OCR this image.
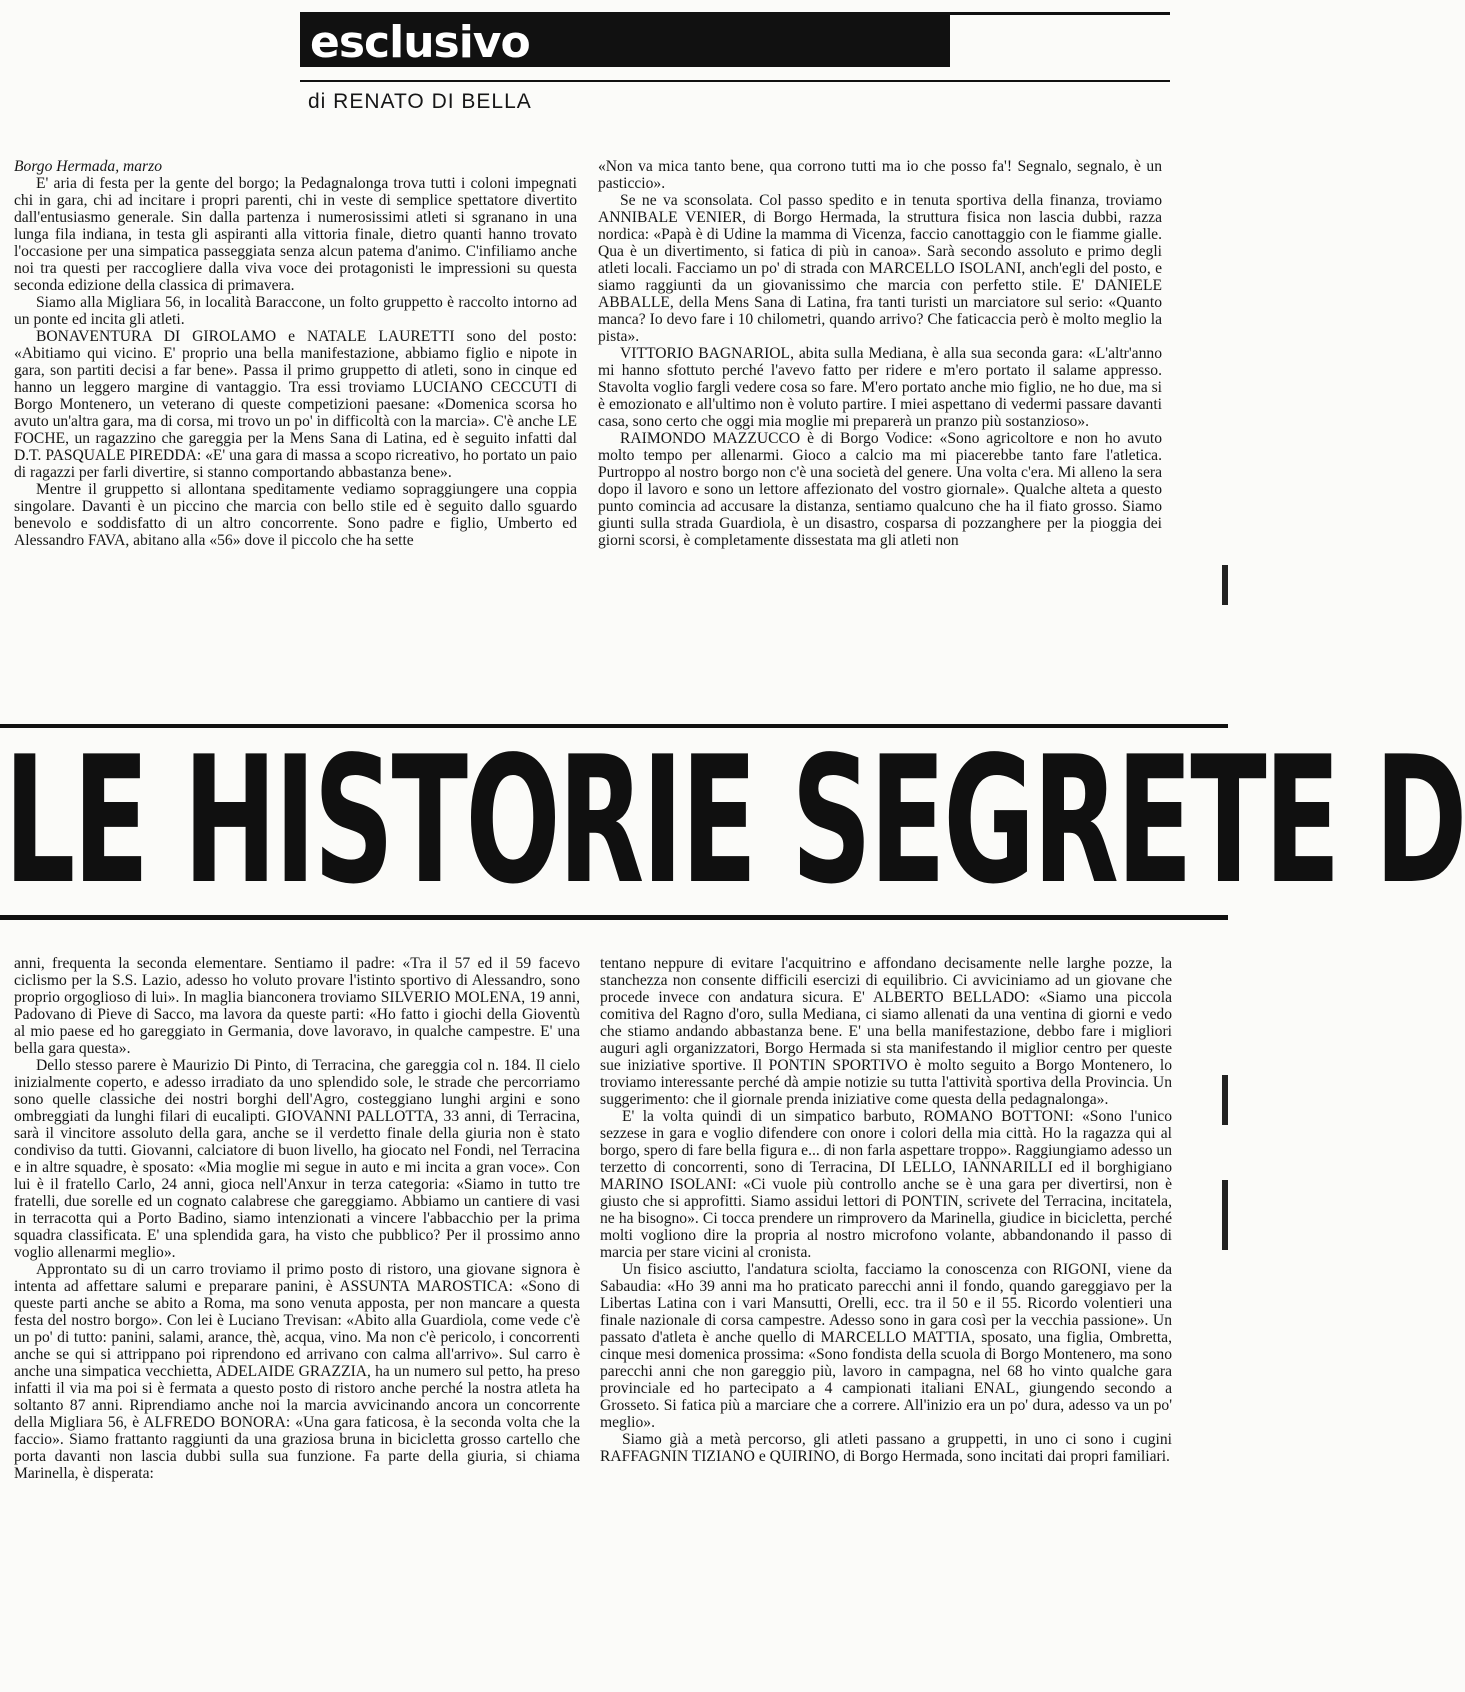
esclusivo
di RENATO DI BELLA

Borgo Hermada, marzo

E' aria di festa per la gente del borgo; la Pedagnalonga trova tutti i coloni impegnati chi in gara, chi ad incitare i propri parenti, chi in veste di semplice spettatore divertito dall'entusiasmo generale. Sin dalla partenza i numerosissimi atleti si sgranano in una lunga fila indiana, in testa gli aspiranti alla vittoria finale, dietro quanti hanno trovato l'occasione per una simpatica passeggiata senza alcun patema d'animo. C'infiliamo anche noi tra questi per raccogliere dalla viva voce dei protagonisti le impressioni su questa seconda edizione della classica di primavera.

Siamo alla Migliara 56, in località Baraccone, un folto gruppetto è raccolto intorno ad un ponte ed incita gli atleti.

BONAVENTURA DI GIROLAMO e NATALE LAURETTI sono del posto: «Abitiamo qui vicino. E' proprio una bella manifestazione, abbiamo figlio e nipote in gara, son partiti decisi a far bene». Passa il primo gruppetto di atleti, sono in cinque ed hanno un leggero margine di vantaggio. Tra essi troviamo LUCIANO CECCUTI di Borgo Montenero, un veterano di queste competizioni paesane: «Domenica scorsa ho avuto un'altra gara, ma di corsa, mi trovo un po' in difficoltà con la marcia». C'è anche LE FOCHE, un ragazzino che gareggia per la Mens Sana di Latina, ed è seguito infatti dal D.T. PASQUALE PIREDDA: «E' una gara di massa a scopo ricreativo, ho portato un paio di ragazzi per farli divertire, si stanno comportando abbastanza bene».

Mentre il gruppetto si allontana speditamente vediamo sopraggiungere una coppia singolare. Davanti è un piccino che marcia con bello stile ed è seguito dallo sguardo benevolo e soddisfatto di un altro concorrente. Sono padre e figlio, Umberto ed Alessandro FAVA, abitano alla «56» dove il piccolo che ha sette

«Non va mica tanto bene, qua corrono tutti ma io che posso fa'! Segnalo, segnalo, è un pasticcio».

Se ne va sconsolata. Col passo spedito e in tenuta sportiva della finanza, troviamo ANNIBALE VENIER, di Borgo Hermada, la struttura fisica non lascia dubbi, razza nordica: «Papà è di Udine la mamma di Vicenza, faccio canottaggio con le fiamme gialle. Qua è un divertimento, si fatica di più in canoa». Sarà secondo assoluto e primo degli atleti locali. Facciamo un po' di strada con MARCELLO ISOLANI, anch'egli del posto, e siamo raggiunti da un giovanissimo che marcia con perfetto stile. E' DANIELE ABBALLE, della Mens Sana di Latina, fra tanti turisti un marciatore sul serio: «Quanto manca? Io devo fare i 10 chilometri, quando arrivo? Che faticaccia però è molto meglio la pista».

VITTORIO BAGNARIOL, abita sulla Mediana, è alla sua seconda gara: «L'altr'anno mi hanno sfottuto perché l'avevo fatto per ridere e m'ero portato il salame appresso. Stavolta voglio fargli vedere cosa so fare. M'ero portato anche mio figlio, ne ho due, ma si è emozionato e all'ultimo non è voluto partire. I miei aspettano di vedermi passare davanti casa, sono certo che oggi mia moglie mi preparerà un pranzo più sostanzioso».

RAIMONDO MAZZUCCO è di Borgo Vodice: «Sono agricoltore e non ho avuto molto tempo per allenarmi. Gioco a calcio ma mi piacerebbe tanto fare l'atletica. Purtroppo al nostro borgo non c'è una società del genere. Una volta c'era. Mi alleno la sera dopo il lavoro e sono un lettore affezionato del vostro giornale». Qualche alteta a questo punto comincia ad accusare la distanza, sentiamo qualcuno che ha il fiato grosso. Siamo giunti sulla strada Guardiola, è un disastro, cosparsa di pozzanghere per la pioggia dei giorni scorsi, è completamente dissestata ma gli atleti non

LE HISTORIE SEGRETE D

anni, frequenta la seconda elementare. Sentiamo il padre: «Tra il 57 ed il 59 facevo ciclismo per la S.S. Lazio, adesso ho voluto provare l'istinto sportivo di Alessandro, sono proprio orgoglioso di lui». In maglia bianconera troviamo SILVERIO MOLENA, 19 anni, Padovano di Pieve di Sacco, ma lavora da queste parti: «Ho fatto i giochi della Gioventù al mio paese ed ho gareggiato in Germania, dove lavoravo, in qualche campestre. E' una bella gara questa».

Dello stesso parere è Maurizio Di Pinto, di Terracina, che gareggia col n. 184. Il cielo inizialmente coperto, e adesso irradiato da uno splendido sole, le strade che percorriamo sono quelle classiche dei nostri borghi dell'Agro, costeggiano lunghi argini e sono ombreggiati da lunghi filari di eucalipti. GIOVANNI PALLOTTA, 33 anni, di Terracina, sarà il vincitore assoluto della gara, anche se il verdetto finale della giuria non è stato condiviso da tutti. Giovanni, calciatore di buon livello, ha giocato nel Fondi, nel Terracina e in altre squadre, è sposato: «Mia moglie mi segue in auto e mi incita a gran voce». Con lui è il fratello Carlo, 24 anni, gioca nell'Anxur in terza categoria: «Siamo in tutto tre fratelli, due sorelle ed un cognato calabrese che gareggiamo. Abbiamo un cantiere di vasi in terracotta qui a Porto Badino, siamo intenzionati a vincere l'abbacchio per la prima squadra classificata. E' una splendida gara, ha visto che pubblico? Per il prossimo anno voglio allenarmi meglio».

Approntato su di un carro troviamo il primo posto di ristoro, una giovane signora è intenta ad affettare salumi e preparare panini, è ASSUNTA MAROSTICA: «Sono di queste parti anche se abito a Roma, ma sono venuta apposta, per non mancare a questa festa del nostro borgo». Con lei è Luciano Trevisan: «Abito alla Guardiola, come vede c'è un po' di tutto: panini, salami, arance, thè, acqua, vino. Ma non c'è pericolo, i concorrenti anche se qui si attrippano poi riprendono ed arrivano con calma all'arrivo». Sul carro è anche una simpatica vecchietta, ADELAIDE GRAZZIA, ha un numero sul petto, ha preso infatti il via ma poi si è fermata a questo posto di ristoro anche perché la nostra atleta ha soltanto 87 anni. Riprendiamo anche noi la marcia avvicinando ancora un concorrente della Migliara 56, è ALFREDO BONORA: «Una gara faticosa, è la seconda volta che la faccio». Siamo frattanto raggiunti da una graziosa bruna in bicicletta grosso cartello che porta davanti non lascia dubbi sulla sua funzione. Fa parte della giuria, si chiama Marinella, è disperata:

tentano neppure di evitare l'acquitrino e affondano decisamente nelle larghe pozze, la stanchezza non consente difficili esercizi di equilibrio. Ci avviciniamo ad un giovane che procede invece con andatura sicura. E' ALBERTO BELLADO: «Siamo una piccola comitiva del Ragno d'oro, sulla Mediana, ci siamo allenati da una ventina di giorni e vedo che stiamo andando abbastanza bene. E' una bella manifestazione, debbo fare i migliori auguri agli organizzatori, Borgo Hermada si sta manifestando il miglior centro per queste sue iniziative sportive. Il PONTIN SPORTIVO è molto seguito a Borgo Montenero, lo troviamo interessante perché dà ampie notizie su tutta l'attività sportiva della Provincia. Un suggerimento: che il giornale prenda iniziative come questa della pedagnalonga».

E' la volta quindi di un simpatico barbuto, ROMANO BOTTONI: «Sono l'unico sezzese in gara e voglio difendere con onore i colori della mia città. Ho la ragazza qui al borgo, spero di fare bella figura e... di non farla aspettare troppo». Raggiungiamo adesso un terzetto di concorrenti, sono di Terracina, DI LELLO, IANNARILLI ed il borghigiano MARINO ISOLANI: «Ci vuole più controllo anche se è una gara per divertirsi, non è giusto che si approfitti. Siamo assidui lettori di PONTIN, scrivete del Terracina, incitatela, ne ha bisogno». Ci tocca prendere un rimprovero da Marinella, giudice in bicicletta, perché molti vogliono dire la propria al nostro microfono volante, abbandonando il passo di marcia per stare vicini al cronista.

Un fisico asciutto, l'andatura sciolta, facciamo la conoscenza con RIGONI, viene da Sabaudia: «Ho 39 anni ma ho praticato parecchi anni il fondo, quando gareggiavo per la Libertas Latina con i vari Mansutti, Orelli, ecc. tra il 50 e il 55. Ricordo volentieri una finale nazionale di corsa campestre. Adesso sono in gara così per la vecchia passione». Un passato d'atleta è anche quello di MARCELLO MATTIA, sposato, una figlia, Ombretta, cinque mesi domenica prossima: «Sono fondista della scuola di Borgo Montenero, ma sono parecchi anni che non gareggio più, lavoro in campagna, nel 68 ho vinto qualche gara provinciale ed ho partecipato a 4 campionati italiani ENAL, giungendo secondo a Grosseto. Si fatica più a marciare che a correre. All'inizio era un po' dura, adesso va un po' meglio».

Siamo già a metà percorso, gli atleti passano a gruppetti, in uno ci sono i cugini RAFFAGNIN TIZIANO e QUIRINO, di Borgo Hermada, sono incitati dai propri familiari.
